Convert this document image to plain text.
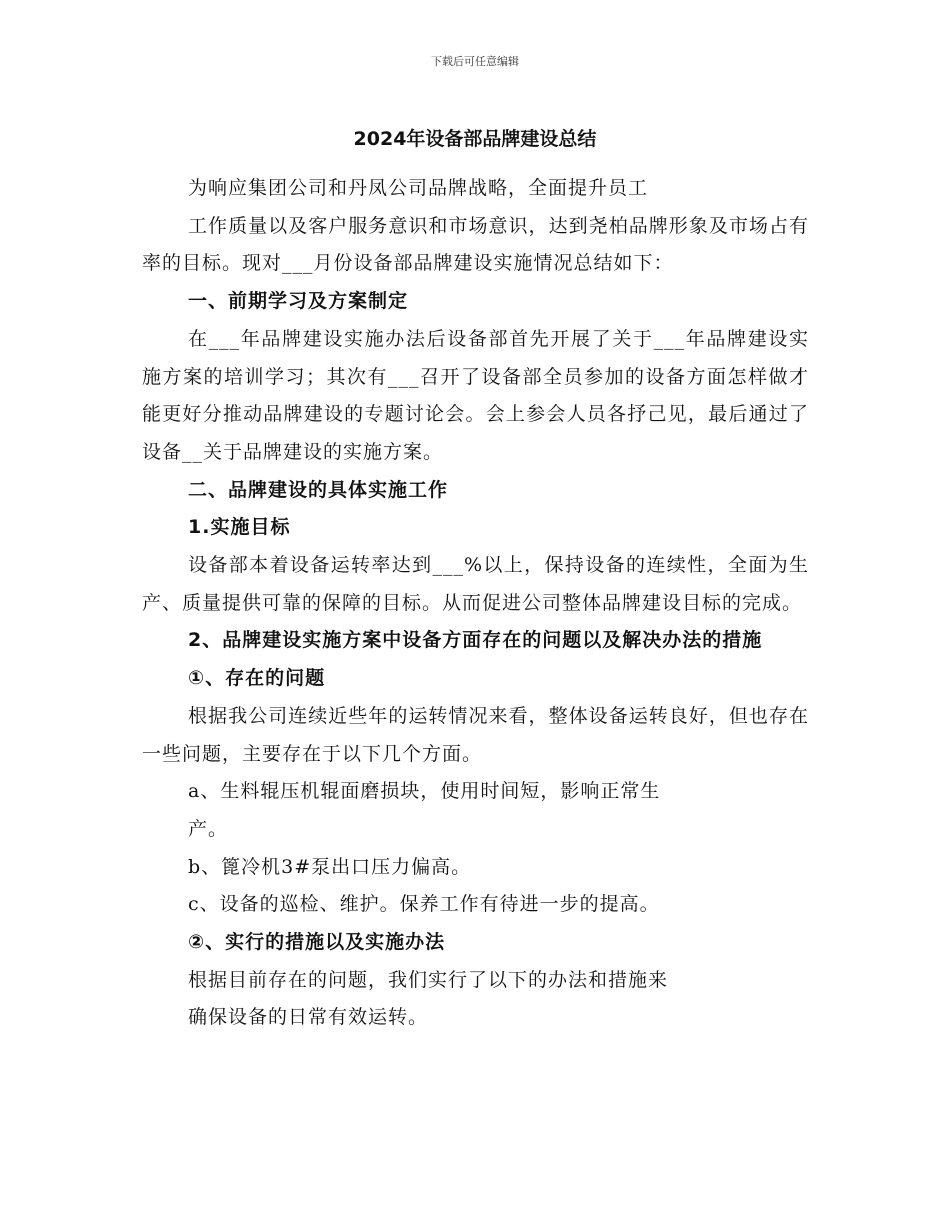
下载后可任意编辑
2024年设备部品牌建设总结

为响应集团公司和丹凤公司品牌战略，全面提升员工

工作质量以及客户服务意识和市场意识，达到尧柏品牌形象及市场占有率的目标。现对___月份设备部品牌建设实施情况总结如下：

一、前期学习及方案制定

在___年品牌建设实施办法后设备部首先开展了关于___年品牌建设实施方案的培训学习；其次有___召开了设备部全员参加的设备方面怎样做才能更好分推动品牌建设的专题讨论会。会上参会人员各抒己见，最后通过了设备__关于品牌建设的实施方案。

二、品牌建设的具体实施工作

1.实施目标

设备部本着设备运转率达到___%以上，保持设备的连续性，全面为生产、质量提供可靠的保障的目标。从而促进公司整体品牌建设目标的完成。

2、品牌建设实施方案中设备方面存在的问题以及解决办法的措施

①、存在的问题

根据我公司连续近些年的运转情况来看，整体设备运转良好，但也存在一些问题，主要存在于以下几个方面。

a、生料辊压机辊面磨损块，使用时间短，影响正常生

产。

b、篦冷机3#泵出口压力偏高。

c、设备的巡检、维护。保养工作有待进一步的提高。

②、实行的措施以及实施办法

根据目前存在的问题，我们实行了以下的办法和措施来

确保设备的日常有效运转。
